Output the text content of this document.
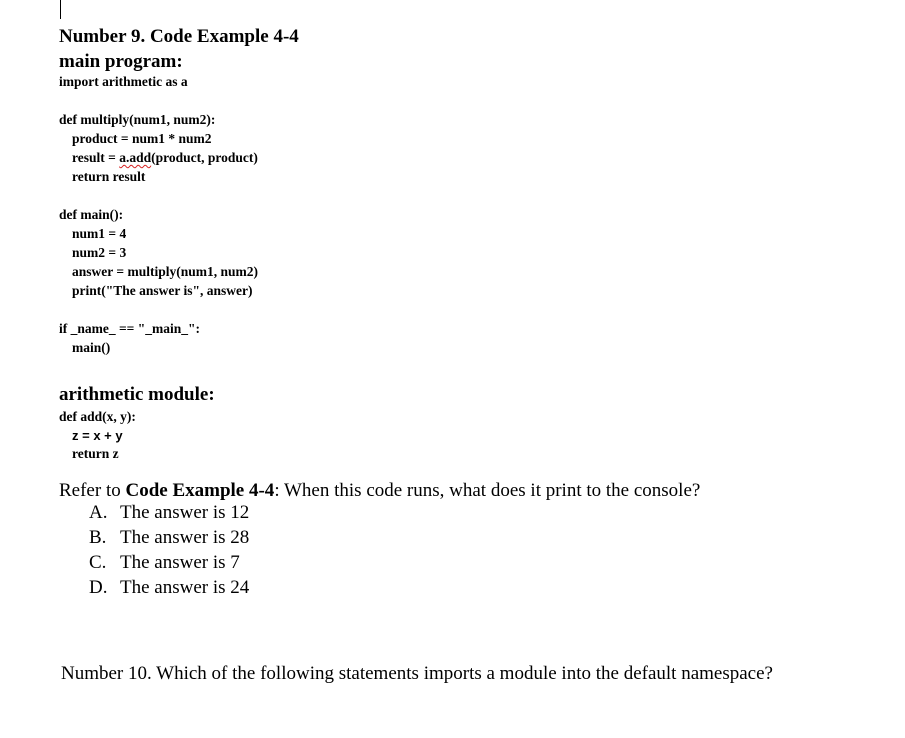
Number 9. Code Example 4-4
main program:
import arithmetic as a
def multiply(num1, num2):
product = num1 * num2
result = a.add(product, product)
return result
def main():
num1 = 4
num2 = 3
answer = multiply(num1, num2)
print("The answer is", answer)
if _name_ == "_main_":
main()
arithmetic module:
def add(x, y):
z = x + y
return z
Refer to Code Example 4-4: When this code runs, what does it print to the console?
A. The answer is 12
B. The answer is 28
C. The answer is 7
D. The answer is 24
Number 10. Which of the following statements imports a module into the default namespace?
